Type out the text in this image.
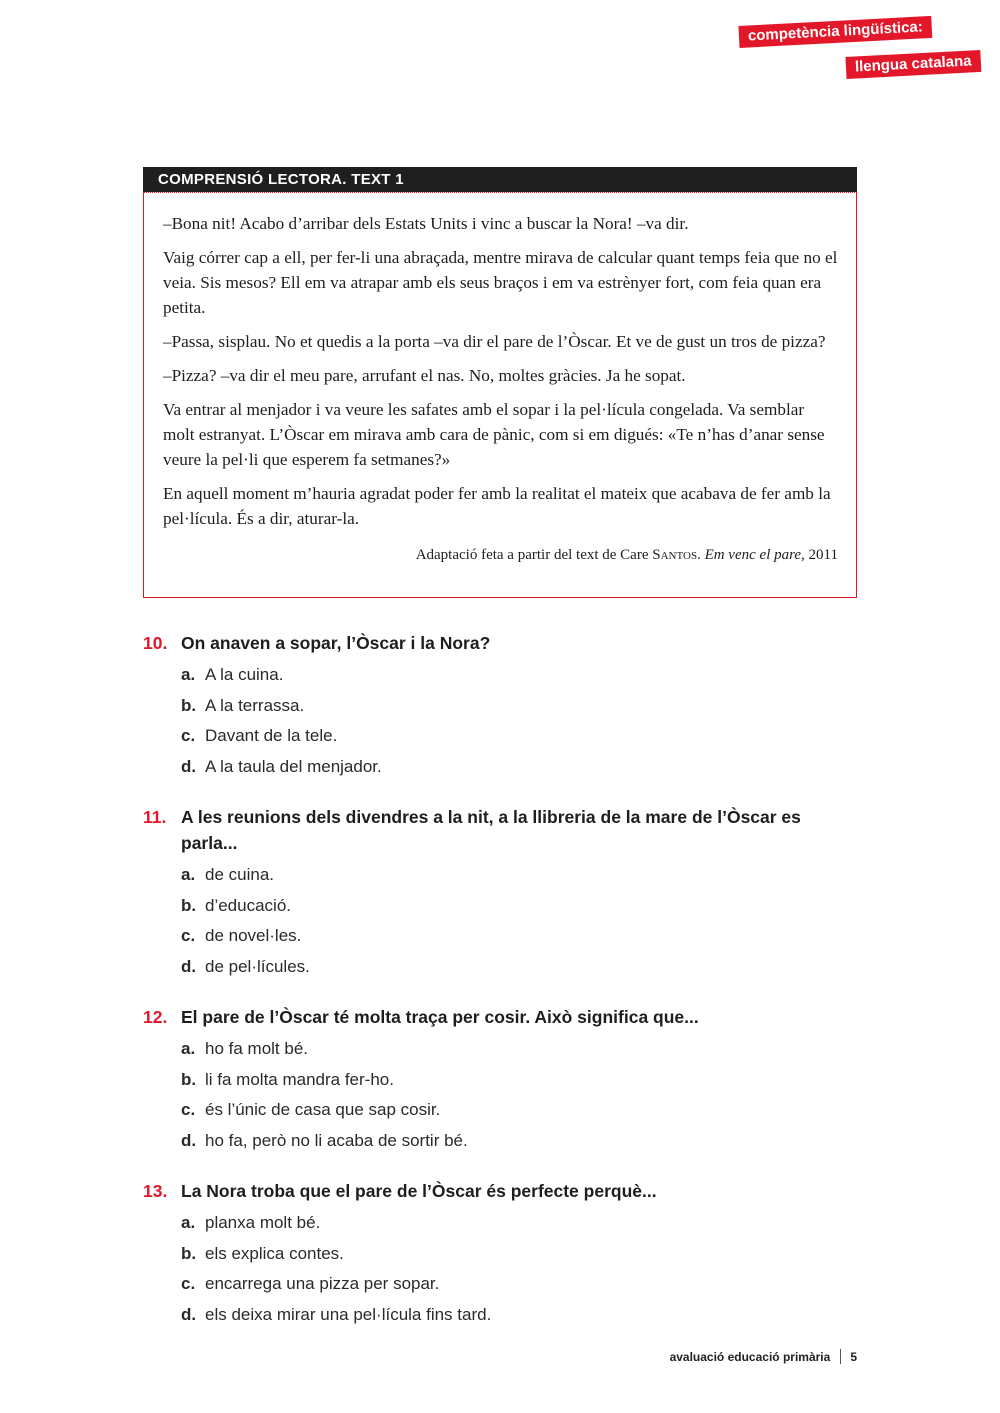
competència lingüística:
llengua catalana
COMPRENSIÓ LECTORA. TEXT 1

–Bona nit! Acabo d’arribar dels Estats Units i vinc a buscar la Nora! –va dir.

Vaig córrer cap a ell, per fer-li una abraçada, mentre mirava de calcular quant temps feia que no el veia. Sis mesos? Ell em va atrapar amb els seus braços i em va estrènyer fort, com feia quan era petita.

–Passa, sisplau. No et quedis a la porta –va dir el pare de l’Òscar. Et ve de gust un tros de pizza?

–Pizza? –va dir el meu pare, arrufant el nas. No, moltes gràcies. Ja he sopat.

Va entrar al menjador i va veure les safates amb el sopar i la pel·lícula congelada. Va semblar molt estranyat. L’Òscar em mirava amb cara de pànic, com si em digués: «Te n’has d’anar sense veure la pel·li que esperem fa setmanes?»

En aquell moment m’hauria agradat poder fer amb la realitat el mateix que acabava de fer amb la pel·lícula. És a dir, aturar-la.

Adaptació feta a partir del text de Care Santos. Em venc el pare, 2011
10. On anaven a sopar, l’Òscar i la Nora?
a. A la cuina.
b. A la terrassa.
c. Davant de la tele.
d. A la taula del menjador.
11. A les reunions dels divendres a la nit, a la llibreria de la mare de l’Òscar es parla...
a. de cuina.
b. d’educació.
c. de novel·les.
d. de pel·lícules.
12. El pare de l’Òscar té molta traça per cosir. Això significa que...
a. ho fa molt bé.
b. li fa molta mandra fer-ho.
c. és l’únic de casa que sap cosir.
d. ho fa, però no li acaba de sortir bé.
13. La Nora troba que el pare de l’Òscar és perfecte perquè...
a. planxa molt bé.
b. els explica contes.
c. encarrega una pizza per sopar.
d. els deixa mirar una pel·lícula fins tard.
avaluació educació primària 5
